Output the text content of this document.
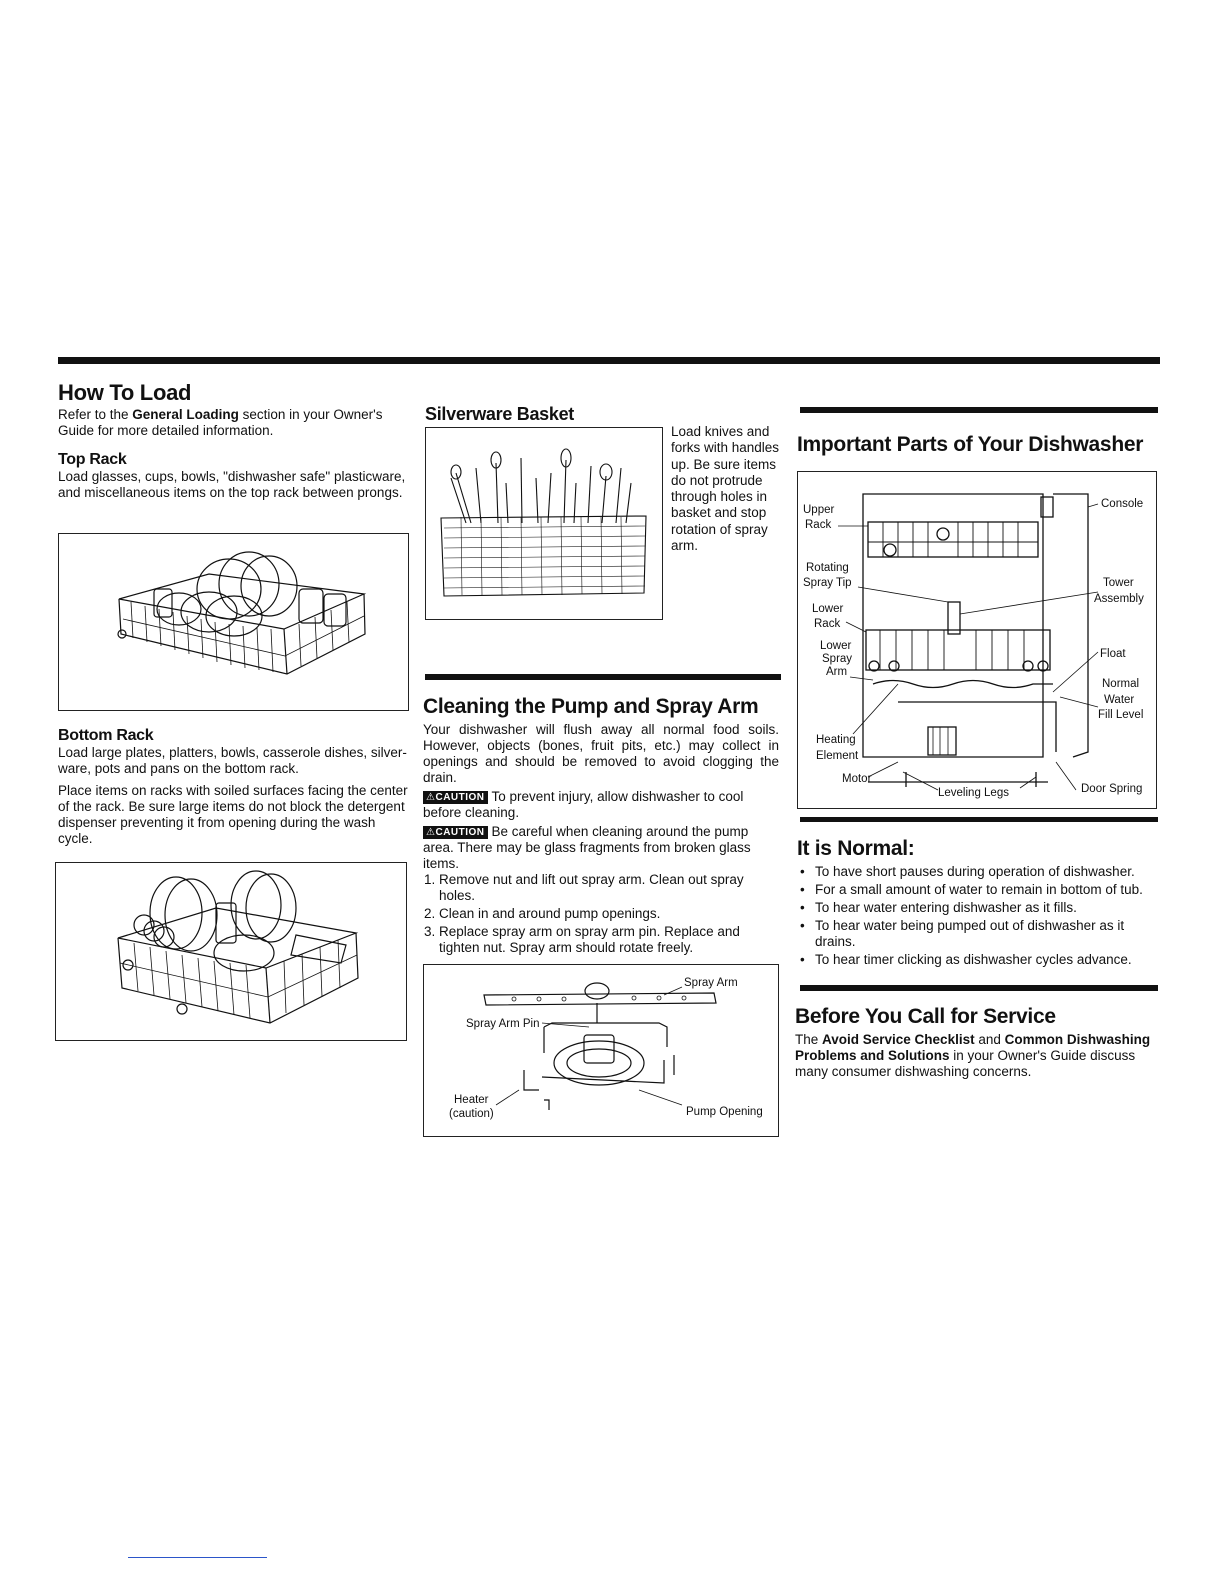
How To Load
Refer to the General Loading section in your Owner's Guide for more detailed information.
Top Rack
Load glasses, cups, bowls, "dishwasher safe" plasticware, and miscellaneous items on the top rack between prongs.
Bottom Rack

Load large plates, platters, bowls, casserole dishes, silver-ware, pots and pans on the bottom rack.

Place items on racks with soiled surfaces facing the center of the rack. Be sure large items do not block the detergent dispenser preventing it from opening during the wash cycle.

Silverware Basket
Load knives and forks with handles up. Be sure items do not protrude through holes in basket and stop rotation of spray arm.
Cleaning the Pump and Spray Arm
Your dishwasher will flush away all normal food soils. However, objects (bones, fruit pits, etc.) may collect in openings and should be removed to avoid clogging the drain.
⚠CAUTION To prevent injury, allow dishwasher to cool before cleaning.
⚠CAUTION Be careful when cleaning around the pump area. There may be glass fragments from broken glass items.
1. Remove nut and lift out spray arm. Clean out spray holes.
2. Clean in and around pump openings.
3. Replace spray arm on spray arm pin. Replace and tighten nut. Spray arm should rotate freely.
Spray Arm
Spray Arm Pin
Heater
(caution)	Pump Opening
Important Parts of Your Dishwasher
Upper
Rack
Console
Rotating
Spray Tip	Tower
Assembly
Lower
Rack
Lower
Spray
Arm
Float
Normal
Water
Fill Level
Heating
Element
Motor
Leveling Legs	Door Spring
It is Normal:
• To have short pauses during operation of dishwasher.
• For a small amount of water to remain in bottom of tub.
• To hear water entering dishwasher as it fills.
• To hear water being pumped out of dishwasher as it drains.
• To hear timer clicking as dishwasher cycles advance.
Before You Call for Service
The Avoid Service Checklist and Common Dishwashing Problems and Solutions in your Owner's Guide discuss many consumer dishwashing concerns.
